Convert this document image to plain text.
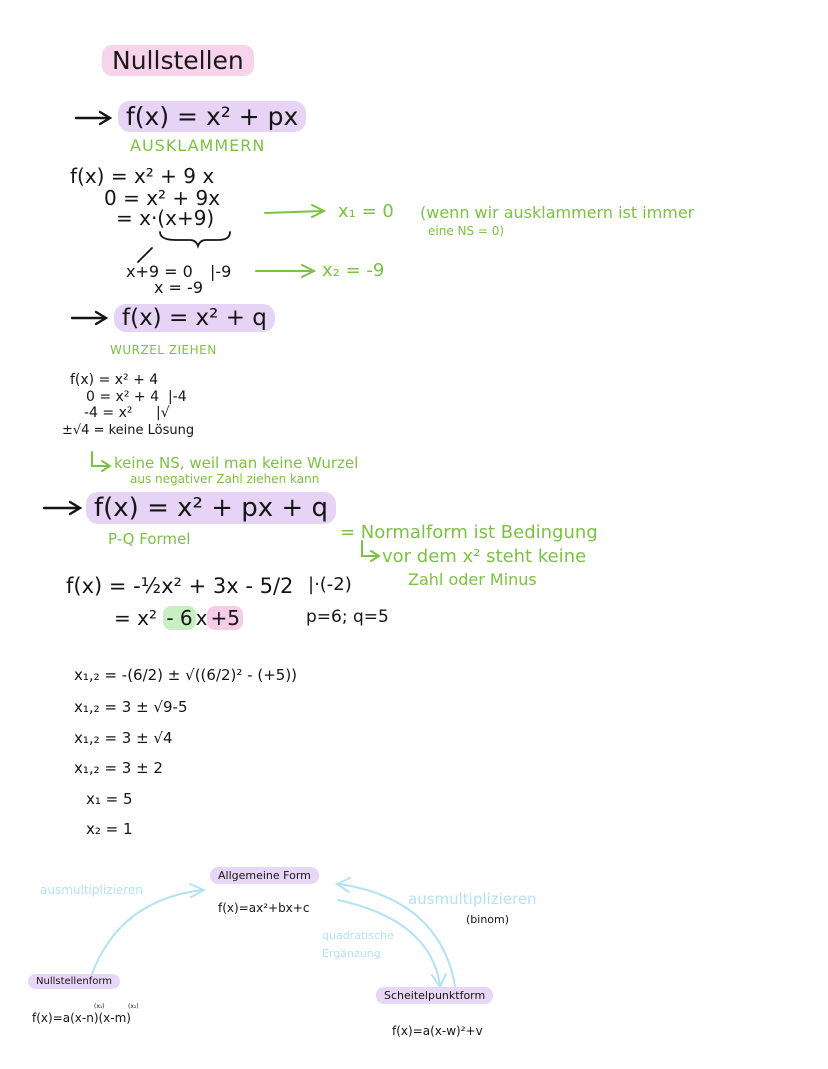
Nullstellen
f(x) = x² + px
AUSKLAMMERN
f(x) = x² + 9 x
0 = x² + 9x
= x·(x+9)	x₁ = 0 (wenn wir ausklammern ist immer
eine NS = 0)
x+9 = 0 |-9
x = -9
x₂ = -9
f(x) = x² + q
WURZEL ZIEHEN
f(x) = x² + 4
0 = x² + 4 |-4
-4 = x² |√
±√4 = keine Lösung
keine NS, weil man keine Wurzel
aus negativer Zahl ziehen kann
f(x) = x² + px + q
P-Q Formel	= Normalform ist Bedingung
vor dem x² steht keine
Zahl oder Minus
f(x) = -½x² + 3x - 5/2 |·(-2)
= x² - 6 x +5	p=6; q=5
x₁,₂ = -(6/2) ± √((6/2)² - (+5))
x₁,₂ = 3 ± √9-5
x₁,₂ = 3 ± √4
x₁,₂ = 3 ± 2
x₁ = 5
x₂ = 1
Allgemeine Form
f(x)=ax²+bx+c
Nullstellenform
f(x)=a(x-n)(x-m)
(x₁)	(x₂)
Scheitelpunktform
f(x)=a(x-w)²+v
ausmultiplizieren	ausmultiplizieren
(binom)
quadratische
Ergänzung
